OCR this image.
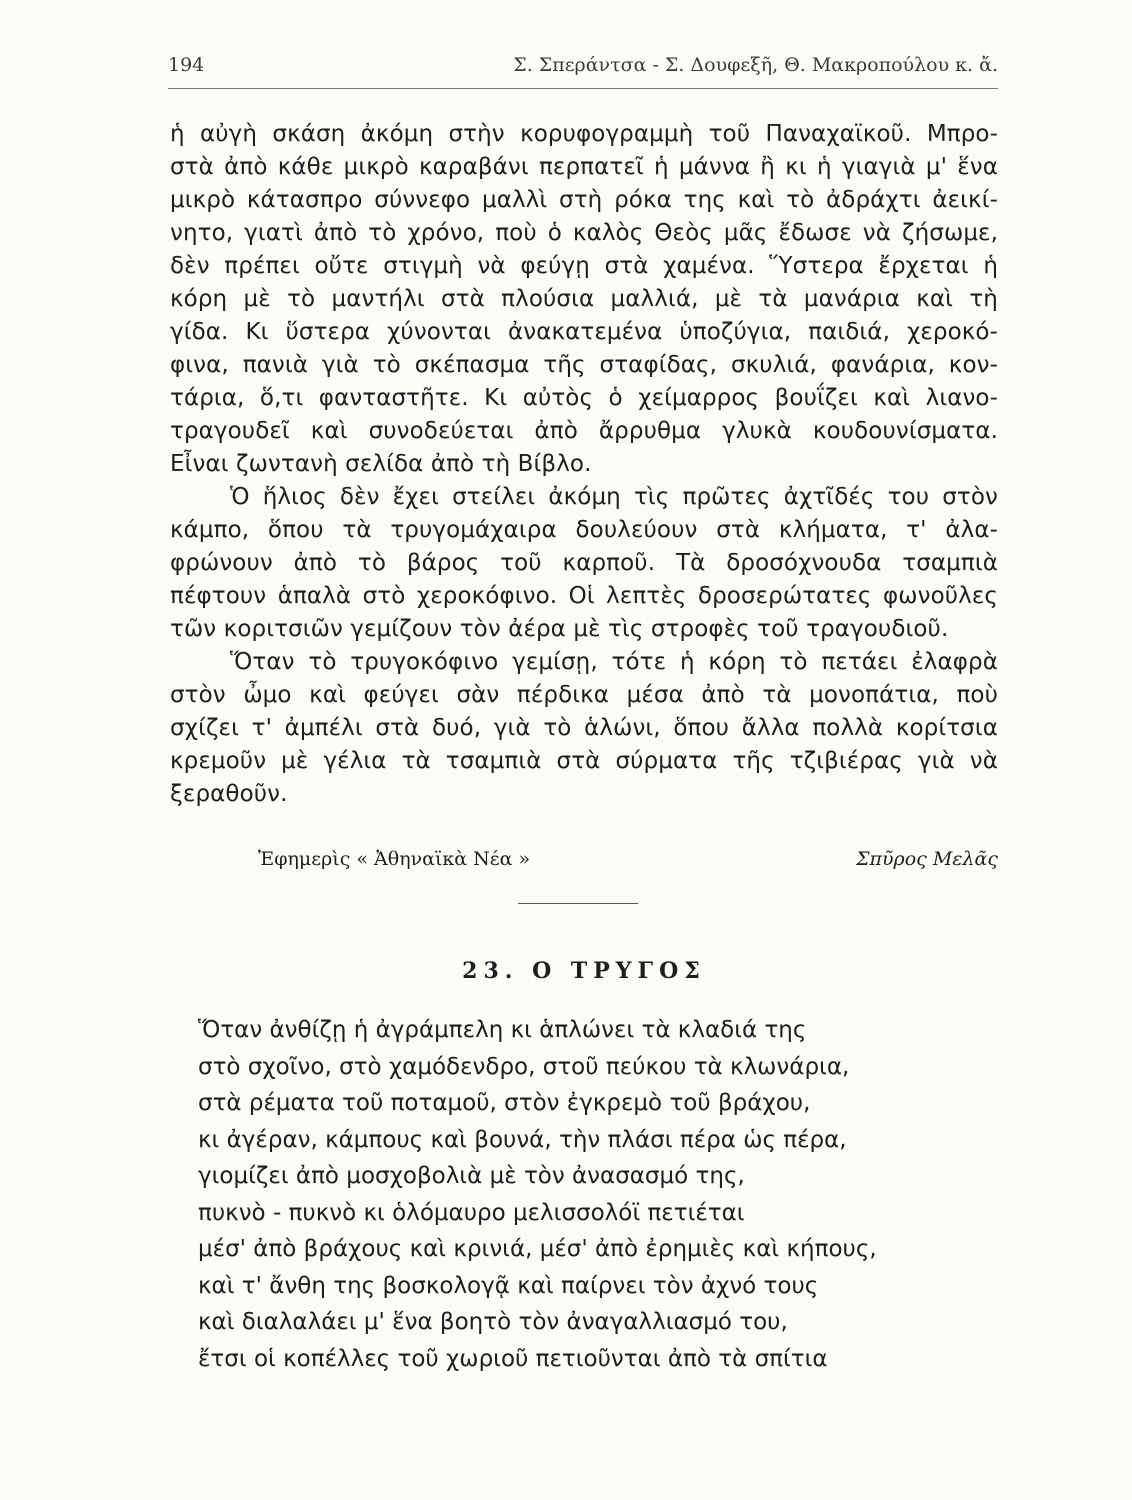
194	Σ. Σπεράντσα - Σ. Δουφεξῆ, Θ. Μακροπούλου κ. ἄ.
ἡ αὐγὴ σκάση ἀκόμη στὴν κορυφογραμμὴ τοῦ Παναχαϊκοῦ. Μπρο-
στὰ ἀπὸ κάθε μικρὸ καραβάνι περπατεῖ ἡ μάννα ἢ κι ἡ γιαγιὰ μ' ἕνα
μικρὸ κάτασπρο σύννεφο μαλλὶ στὴ ρόκα της καὶ τὸ ἀδράχτι ἀεικί-
νητο, γιατὶ ἀπὸ τὸ χρόνο, ποὺ ὁ καλὸς Θεὸς μᾶς ἔδωσε νὰ ζήσωμε,
δὲν πρέπει οὔτε στιγμὴ νὰ φεύγῃ στὰ χαμένα. Ὕστερα ἔρχεται ἡ
κόρη μὲ τὸ μαντήλι στὰ πλούσια μαλλιά, μὲ τὰ μανάρια καὶ τὴ
γίδα. Κι ὕστερα χύνονται ἀνακατεμένα ὑποζύγια, παιδιά, χεροκό-
φινα, πανιὰ γιὰ τὸ σκέπασμα τῆς σταφίδας, σκυλιά, φανάρια, κον-
τάρια, ὅ,τι φανταστῆτε. Κι αὐτὸς ὁ χείμαρρος βουΐζει καὶ λιανο-
τραγουδεῖ καὶ συνοδεύεται ἀπὸ ἄρρυθμα γλυκὰ κουδουνίσματα.
Εἶναι ζωντανὴ σελίδα ἀπὸ τὴ Βίβλο.
Ὁ ἥλιος δὲν ἔχει στείλει ἀκόμη τὶς πρῶτες ἀχτῖδές του στὸν
κάμπο, ὅπου τὰ τρυγομάχαιρα δουλεύουν στὰ κλήματα, τ' ἀλα-
φρώνουν ἀπὸ τὸ βάρος τοῦ καρποῦ. Τὰ δροσόχνουδα τσαμπιὰ
πέφτουν ἁπαλὰ στὸ χεροκόφινο. Οἱ λεπτὲς δροσερώτατες φωνοῦλες
τῶν κοριτσιῶν γεμίζουν τὸν ἀέρα μὲ τὶς στροφὲς τοῦ τραγουδιοῦ.
Ὅταν τὸ τρυγοκόφινο γεμίσῃ, τότε ἡ κόρη τὸ πετάει ἐλαφρὰ
στὸν ὦμο καὶ φεύγει σὰν πέρδικα μέσα ἀπὸ τὰ μονοπάτια, ποὺ
σχίζει τ' ἀμπέλι στὰ δυό, γιὰ τὸ ἁλώνι, ὅπου ἄλλα πολλὰ κορίτσια
κρεμοῦν μὲ γέλια τὰ τσαμπιὰ στὰ σύρματα τῆς τζιβιέρας γιὰ νὰ
ξεραθοῦν.
Ἐφημερὶς « Ἀθηναϊκὰ Νέα »	Σπῦρος Μελᾶς
23. Ο ΤΡΥΓΟΣ
Ὅταν ἀνθίζῃ ἡ ἀγράμπελη κι ἁπλώνει τὰ κλαδιά της
στὸ σχοῖνο, στὸ χαμόδενδρο, στοῦ πεύκου τὰ κλωνάρια,
στὰ ρέματα τοῦ ποταμοῦ, στὸν ἐγκρεμὸ τοῦ βράχου,
κι ἀγέραν, κάμπους καὶ βουνά, τὴν πλάσι πέρα ὡς πέρα,
γιομίζει ἀπὸ μοσχοβολιὰ μὲ τὸν ἀνασασμό της,
πυκνὸ - πυκνὸ κι ὁλόμαυρο μελισσολόϊ πετιέται
μέσ' ἀπὸ βράχους καὶ κρινιά, μέσ' ἀπὸ ἐρημιὲς καὶ κήπους,
καὶ τ' ἄνθη της βοσκολογᾷ καὶ παίρνει τὸν ἀχνό τους
καὶ διαλαλάει μ' ἕνα βοητὸ τὸν ἀναγαλλιασμό του,
ἔτσι οἱ κοπέλλες τοῦ χωριοῦ πετιοῦνται ἀπὸ τὰ σπίτια
